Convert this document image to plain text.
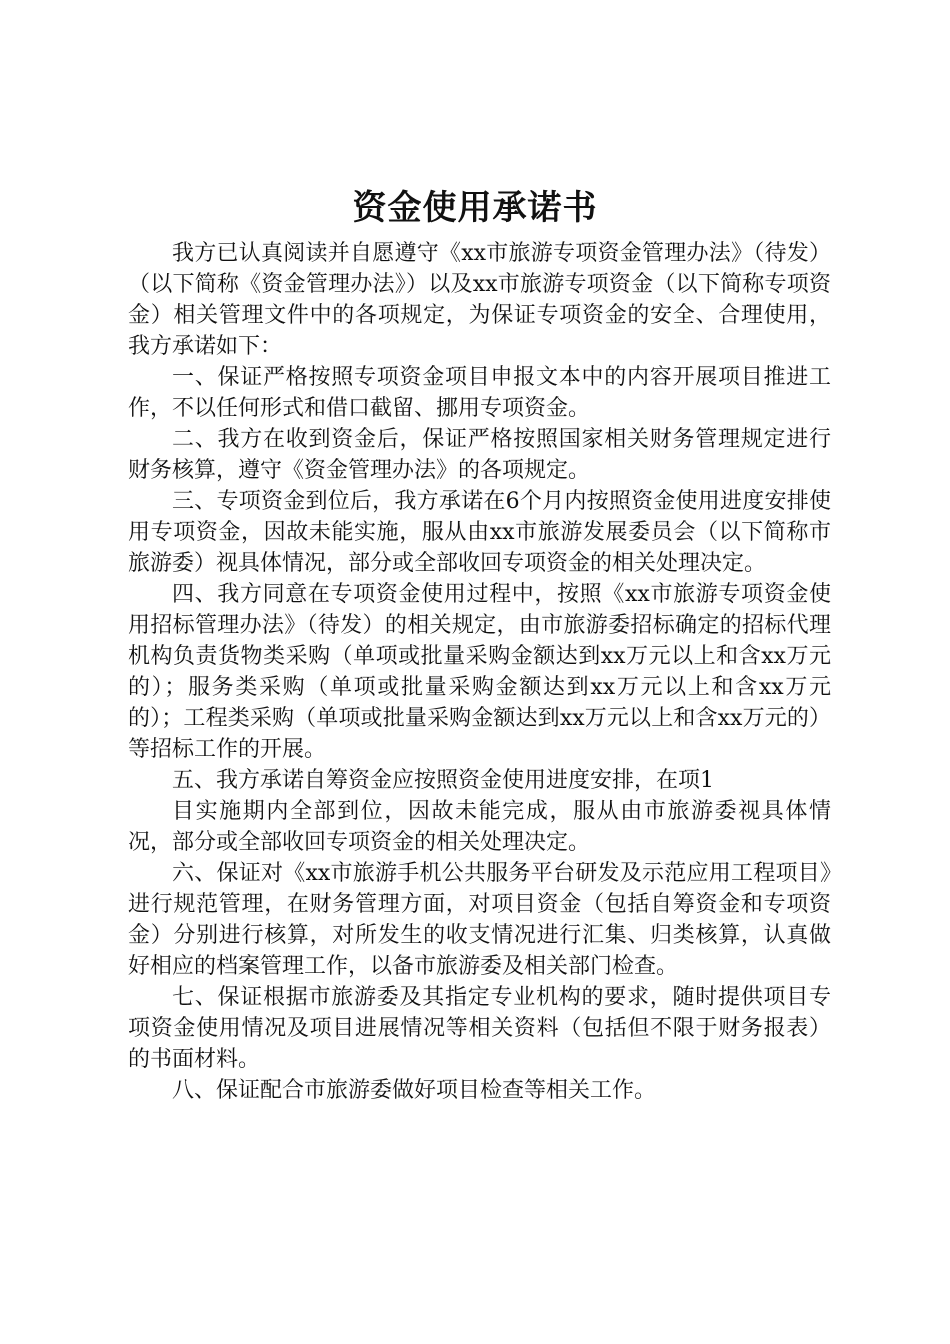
资金使用承诺书

我方已认真阅读并自愿遵守《xx市旅游专项资金管理办法》（待发）（以下简称《资金管理办法》）以及xx市旅游专项资金（以下简称专项资金）相关管理文件中的各项规定，为保证专项资金的安全、合理使用，我方承诺如下：

一、保证严格按照专项资金项目申报文本中的内容开展项目推进工作，不以任何形式和借口截留、挪用专项资金。

二、我方在收到资金后，保证严格按照国家相关财务管理规定进行财务核算，遵守《资金管理办法》的各项规定。

三、专项资金到位后，我方承诺在6个月内按照资金使用进度安排使用专项资金，因故未能实施，服从由xx市旅游发展委员会（以下简称市旅游委）视具体情况，部分或全部收回专项资金的相关处理决定。

四、我方同意在专项资金使用过程中，按照《xx市旅游专项资金使用招标管理办法》（待发）的相关规定，由市旅游委招标确定的招标代理机构负责货物类采购（单项或批量采购金额达到xx万元以上和含xx万元的）；服务类采购（单项或批量采购金额达到xx万元以上和含xx万元的）；工程类采购（单项或批量采购金额达到xx万元以上和含xx万元的）等招标工作的开展。

五、我方承诺自筹资金应按照资金使用进度安排，在项1

目实施期内全部到位，因故未能完成，服从由市旅游委视具体情况，部分或全部收回专项资金的相关处理决定。

六、保证对《xx市旅游手机公共服务平台研发及示范应用工程项目》进行规范管理，在财务管理方面，对项目资金（包括自筹资金和专项资金）分别进行核算，对所发生的收支情况进行汇集、归类核算，认真做好相应的档案管理工作，以备市旅游委及相关部门检查。

七、保证根据市旅游委及其指定专业机构的要求，随时提供项目专项资金使用情况及项目进展情况等相关资料（包括但不限于财务报表）的书面材料。

八、保证配合市旅游委做好项目检查等相关工作。
